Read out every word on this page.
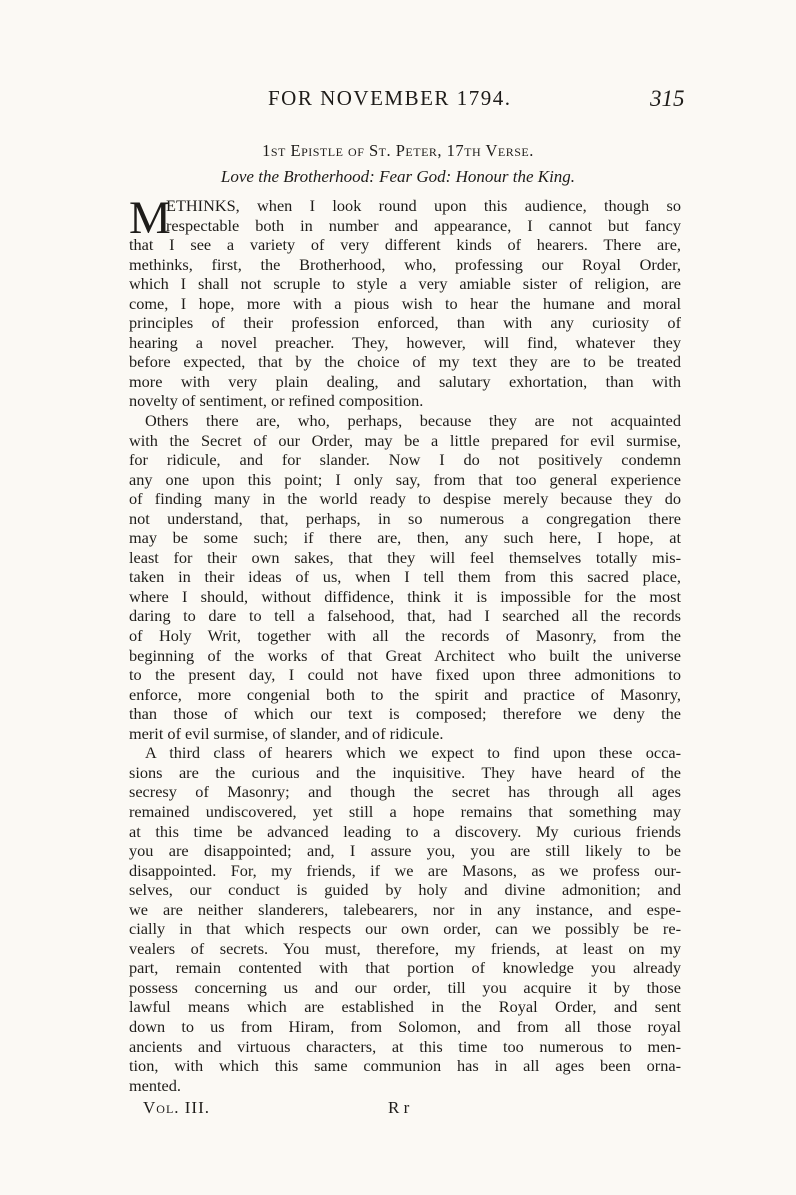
FOR NOVEMBER 1794.	315
1st Epistle of St. Peter, 17th Verse.
Love the Brotherhood: Fear God: Honour the King.
M
ETHINKS, when I look round upon this audience, though so
respectable both in number and appearance, I cannot but fancy
that I see a variety of very different kinds of hearers. There are,
methinks, first, the Brotherhood, who, professing our Royal Order,
which I shall not scruple to style a very amiable sister of religion, are
come, I hope, more with a pious wish to hear the humane and moral
principles of their profession enforced, than with any curiosity of
hearing a novel preacher. They, however, will find, whatever they
before expected, that by the choice of my text they are to be treated
more with very plain dealing, and salutary exhortation, than with
novelty of sentiment, or refined composition.
Others there are, who, perhaps, because they are not acquainted
with the Secret of our Order, may be a little prepared for evil surmise,
for ridicule, and for slander. Now I do not positively condemn
any one upon this point; I only say, from that too general experience
of finding many in the world ready to despise merely because they do
not understand, that, perhaps, in so numerous a congregation there
may be some such; if there are, then, any such here, I hope, at
least for their own sakes, that they will feel themselves totally mis-
taken in their ideas of us, when I tell them from this sacred place,
where I should, without diffidence, think it is impossible for the most
daring to dare to tell a falsehood, that, had I searched all the records
of Holy Writ, together with all the records of Masonry, from the
beginning of the works of that Great Architect who built the universe
to the present day, I could not have fixed upon three admonitions to
enforce, more congenial both to the spirit and practice of Masonry,
than those of which our text is composed; therefore we deny the
merit of evil surmise, of slander, and of ridicule.
A third class of hearers which we expect to find upon these occa-
sions are the curious and the inquisitive. They have heard of the
secresy of Masonry; and though the secret has through all ages
remained undiscovered, yet still a hope remains that something may
at this time be advanced leading to a discovery. My curious friends
you are disappointed; and, I assure you, you are still likely to be
disappointed. For, my friends, if we are Masons, as we profess our-
selves, our conduct is guided by holy and divine admonition; and
we are neither slanderers, talebearers, nor in any instance, and espe-
cially in that which respects our own order, can we possibly be re-
vealers of secrets. You must, therefore, my friends, at least on my
part, remain contented with that portion of knowledge you already
possess concerning us and our order, till you acquire it by those
lawful means which are established in the Royal Order, and sent
down to us from Hiram, from Solomon, and from all those royal
ancients and virtuous characters, at this time too numerous to men-
tion, with which this same communion has in all ages been orna-
mented.
Vol. III.	R r
